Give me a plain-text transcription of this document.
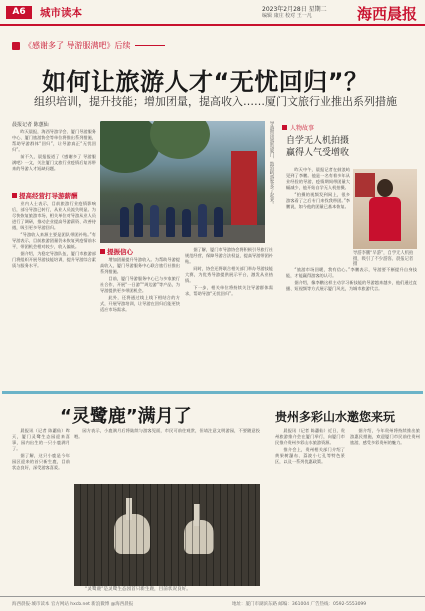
A6	城市读本	2023年2月28日 星期二
编辑 康庄 校对 王一凡	海西晨报
《感谢多了 导游服满吧》后续
如何让旅游人才“无忧回归”？
组织培训，提升技能；增加团量，提高收入……厦门文旅行业推出系列措施
晨报记者 陈蕙仙

昨天晨报，海西导游学会、厦门导游服务中心、厦门旅游协会等单位将推出系列措施，帮助导游群体“回归”，让导游真正“无忧回归”。

前不久，晨报报道了《感谢多了 导游服满吧》一文，关注厦门文旅行业疫情后复苏带来的导游人才短缺问题。

提高经营打导游薪酬

业内人士表示，目前旅游行业疫情影响后，部分导游已转行，从业人员流失明显。为尽快恢复旅游市场，相关单位对导游从业人员进行了调研，推动企业提高导游薪资、改善待遇，吸引更多导游回归。

“导游收入来源主要是团队带团补贴。”有导游表示，目前旅游团量仍未恢复到疫情前水平，带团机会相对较少，收入偏低。

据介绍，为稳定导游队伍，厦门市旅游部门将组织开展导游技能培训，提升导游综合素质与服务水平。

导游带团游览厦门，鼓浪屿游客多了起来。
提振信心

增加团量提升导游收入。为帮助导游提高收入，厦门导游服务中心联合旅行社推出系列措施。

目前，厦门导游服务中心已与多家旅行社合作，开展“一日游”“周边游”等产品，为导游提供更多带团机会。

此外，还将通过线上线下相结合的方式，开展导游培训，让导游在回归后能更快适应市场需求。

据了解，厦门市导游协会将积极引导旅行社规范经营，保障导游合法权益，提高导游带团补贴。

同时，协会还将联合相关部门举办导游技能大赛，为优秀导游提供展示平台，激发从业热情。

下一步，相关单位将持续关注导游群体需求，帮助导游“无忧回归”。

人物故事
自学无人机拍摄
赢得人气受增收

昨天中午，晨报记者在鼓浪屿见到了李鹏。他是一名有着多年从业经验的导游，疫情期间带团量大幅减少，他开始自学无人机拍摄。

“拍摄的视频发到网上，很多游客看了之后专门来找我带团。”李鹏说，如今他的团量已基本恢复。

导游李鹏“早游”，自学无人机拍摄，吸引了不少游客。晨报记者 摄

“旅游市场回暖，我有信心。”李鹏表示，导游要不断提升自身技能，才能赢得游客的认可。

据介绍，像李鹏这样主动学习新技能的导游越来越多，他们通过直播、短视频等方式展示厦门风光，为城市旅游代言。

“灵鹭鹿”满月了

晨报讯（记者 陈蕙仙）昨天，厦门灵鹭生态园迎来喜事，园内出生的一只小鹿满月了。

据了解，这只小鹿是今年园区迎来的首只新生鹿，目前状态良好，深受游客喜爱。

园方表示，小鹿满月后将陆续与游客见面，市民可前往观赏，但请注意文明游园，不要随意投喂。

“灵鹭鹿”是灵鹭生态园首只新生鹿，目前状况良好。
贵州多彩山水邀您来玩

晨报讯（记者 陈蕙仙）近日，贵州旅游推介会在厦门举行，向厦门市民推介贵州多彩山水旅游资源。

推介会上，贵州相关部门介绍了黄果树瀑布、荔波小七孔等特色景区，以及一系列优惠政策。

据介绍，今年贵州将持续推出旅游惠民措施，欢迎厦门市民前往贵州旅游，感受多彩贵州的魅力。

海西晨报·城市读本 官方网站 hxcb.net 新浪微博 @海西晨报	地址：厦门市湖滨东路 邮编：361004 广告热线：0592-5553099
